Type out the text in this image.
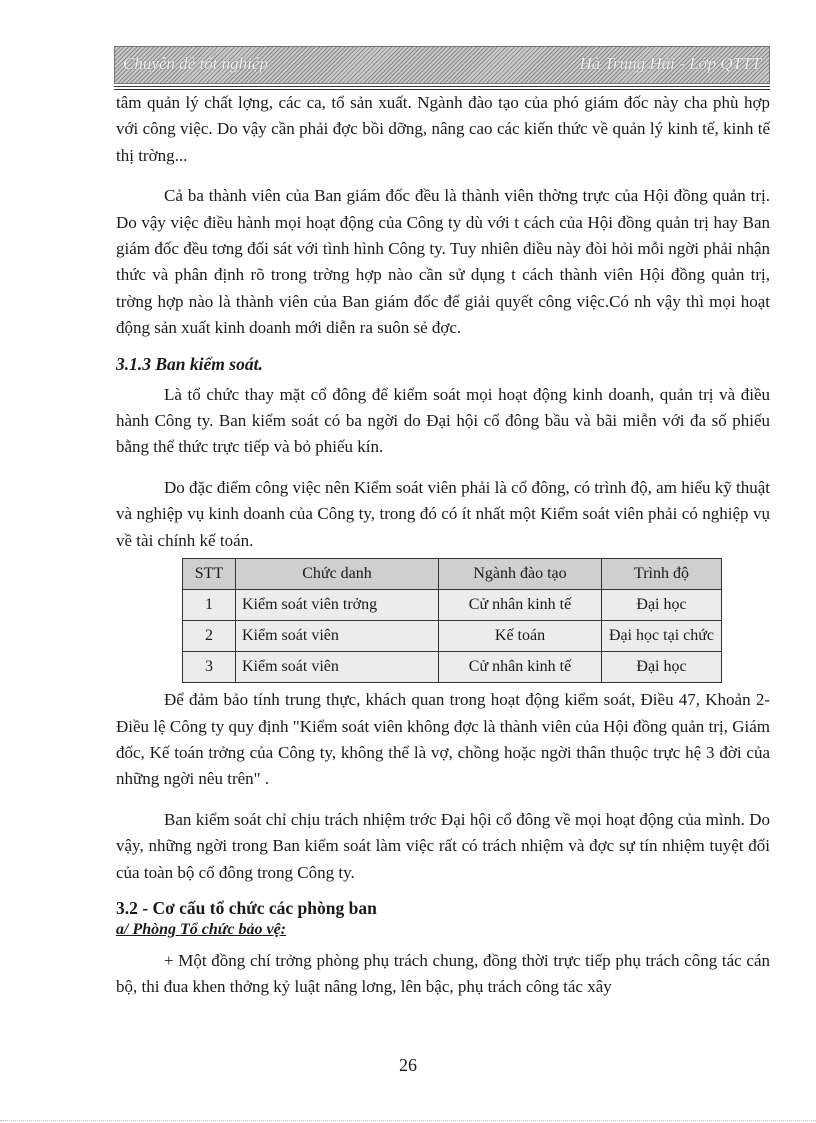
Chuyên đề tốt nghiệp	Hà Trung Hải - Lớp QTTT

tâm quản lý chất lợng, các ca, tổ sản xuất. Ngành đào tạo của phó giám đốc này cha phù hợp với công việc. Do vậy cần phải đợc bồi dỡng, nâng cao các kiến thức về quản lý kinh tế, kinh tế thị trờng...

Cả ba thành viên của Ban giám đốc đều là thành viên thờng trực của Hội đồng quản trị. Do vậy việc điều hành mọi hoạt động của Công ty dù với t cách của Hội đồng quản trị hay Ban giám đốc đều tơng đối sát với tình hình Công ty. Tuy nhiên điều này đòi hỏi mỗi ngời phải nhận thức và phân định rõ trong trờng hợp nào cần sử dụng t cách thành viên Hội đồng quản trị, trờng hợp nào là thành viên của Ban giám đốc để giải quyết công việc.Có nh vậy thì mọi hoạt động sản xuất kinh doanh mới diễn ra suôn sẻ đợc.

3.1.3 Ban kiểm soát.

Là tổ chức thay mặt cổ đông để kiểm soát mọi hoạt động kinh doanh, quản trị và điều hành Công ty. Ban kiểm soát có ba ngời do Đại hội cổ đông bầu và bãi miễn với đa số phiếu bằng thể thức trực tiếp và bỏ phiếu kín.

Do đặc điểm công việc nên Kiểm soát viên phải là cổ đông, có trình độ, am hiểu kỹ thuật và nghiệp vụ kinh doanh của Công ty, trong đó có ít nhất một Kiểm soát viên phải có nghiệp vụ về tài chính kế toán.

STT	Chức danh	Ngành đào tạo	Trình độ
1	Kiểm soát viên trởng	Cử nhân kinh tế	Đại học
2	Kiểm soát viên	Kế toán	Đại học tại chức
3	Kiểm soát viên	Cử nhân kinh tế	Đại học

Để đảm bảo tính trung thực, khách quan trong hoạt động kiểm soát, Điều 47, Khoản 2- Điều lệ Công ty quy định "Kiểm soát viên không đợc là thành viên của Hội đồng quản trị, Giám đốc, Kế toán trởng của Công ty, không thể là vợ, chồng hoặc ngời thân thuộc trực hệ 3 đời của những ngời nêu trên" .

Ban kiểm soát chỉ chịu trách nhiệm trớc Đại hội cổ đông về mọi hoạt động của mình. Do vậy, những ngời trong Ban kiểm soát làm việc rất có trách nhiệm và đợc sự tín nhiệm tuyệt đối của toàn bộ cổ đông trong Công ty.

3.2 - Cơ cấu tổ chức các phòng ban
a/ Phòng Tổ chức bảo vệ:

+ Một đồng chí trởng phòng phụ trách chung, đồng thời trực tiếp phụ trách công tác cán bộ, thi đua khen thởng kỷ luật nâng lơng, lên bậc, phụ trách công tác xây

26
